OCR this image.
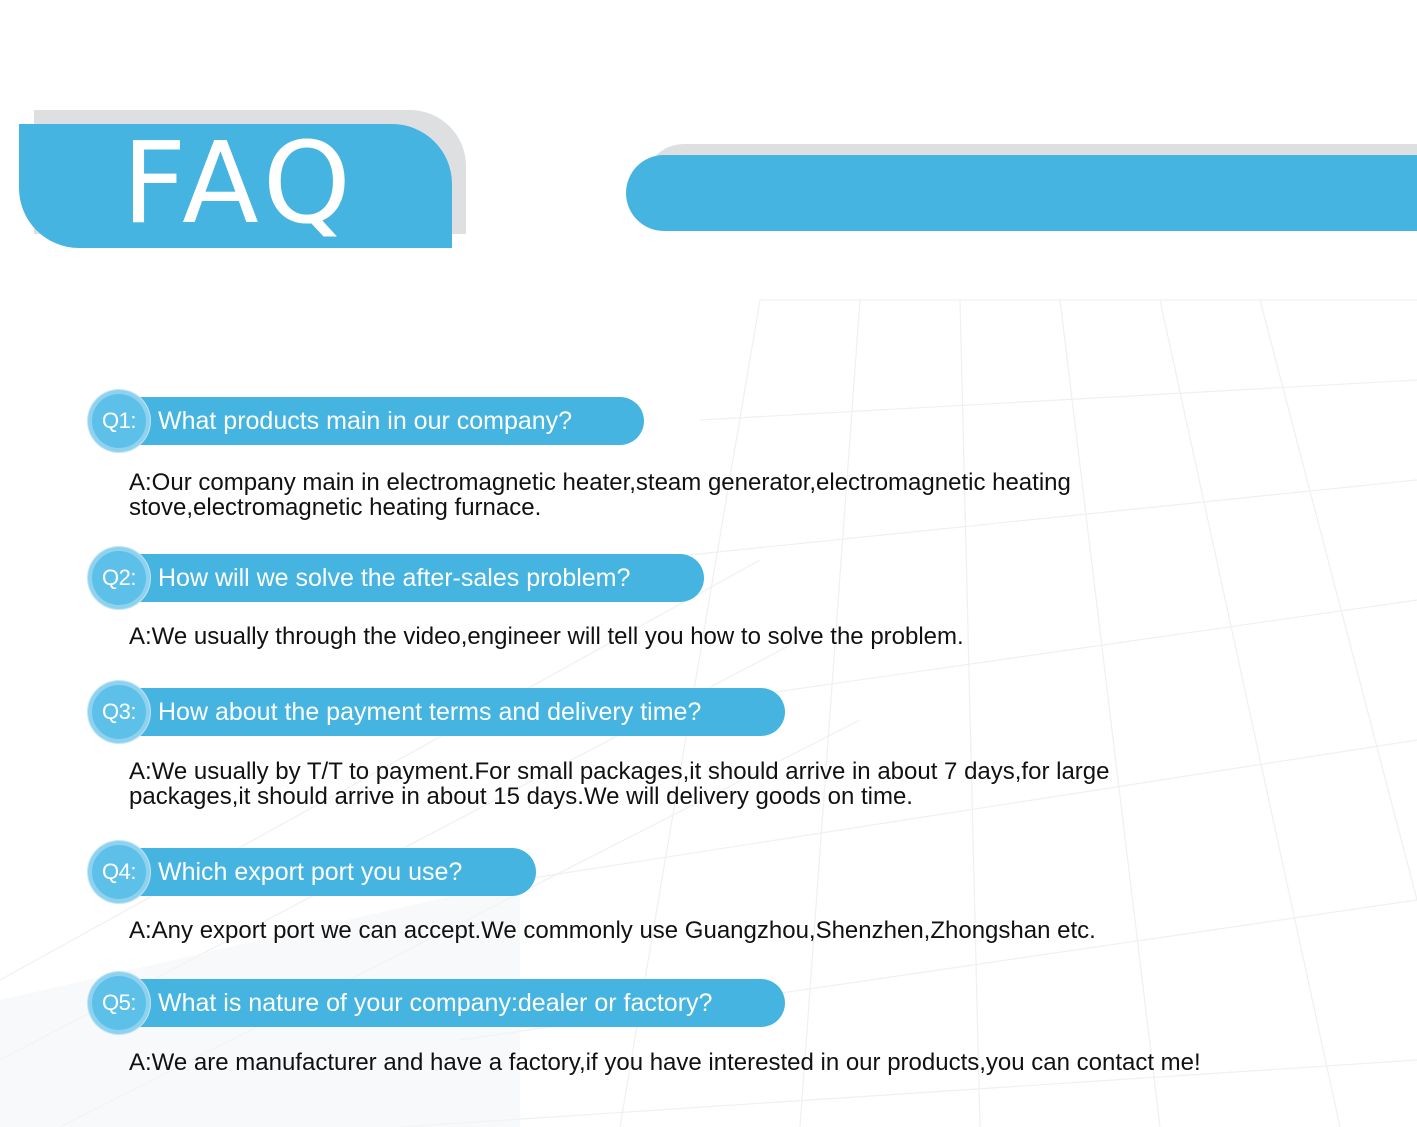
FAQ
Q1: What products main in our company?
A:Our company main in electromagnetic heater,steam generator,electromagnetic heating
stove,electromagnetic heating furnace.
Q2: How will we solve the after-sales problem?
A:We usually through the video,engineer will tell you how to solve the problem.
Q3: How about the payment terms and delivery time?
A:We usually by T/T to payment.For small packages,it should arrive in about 7 days,for large
packages,it should arrive in about 15 days.We will delivery goods on time.
Q4: Which export port you use?
A:Any export port we can accept.We commonly use Guangzhou,Shenzhen,Zhongshan etc.
Q5: What is nature of your company:dealer or factory?
A:We are manufacturer and have a factory,if you have interested in our products,you can contact me!
